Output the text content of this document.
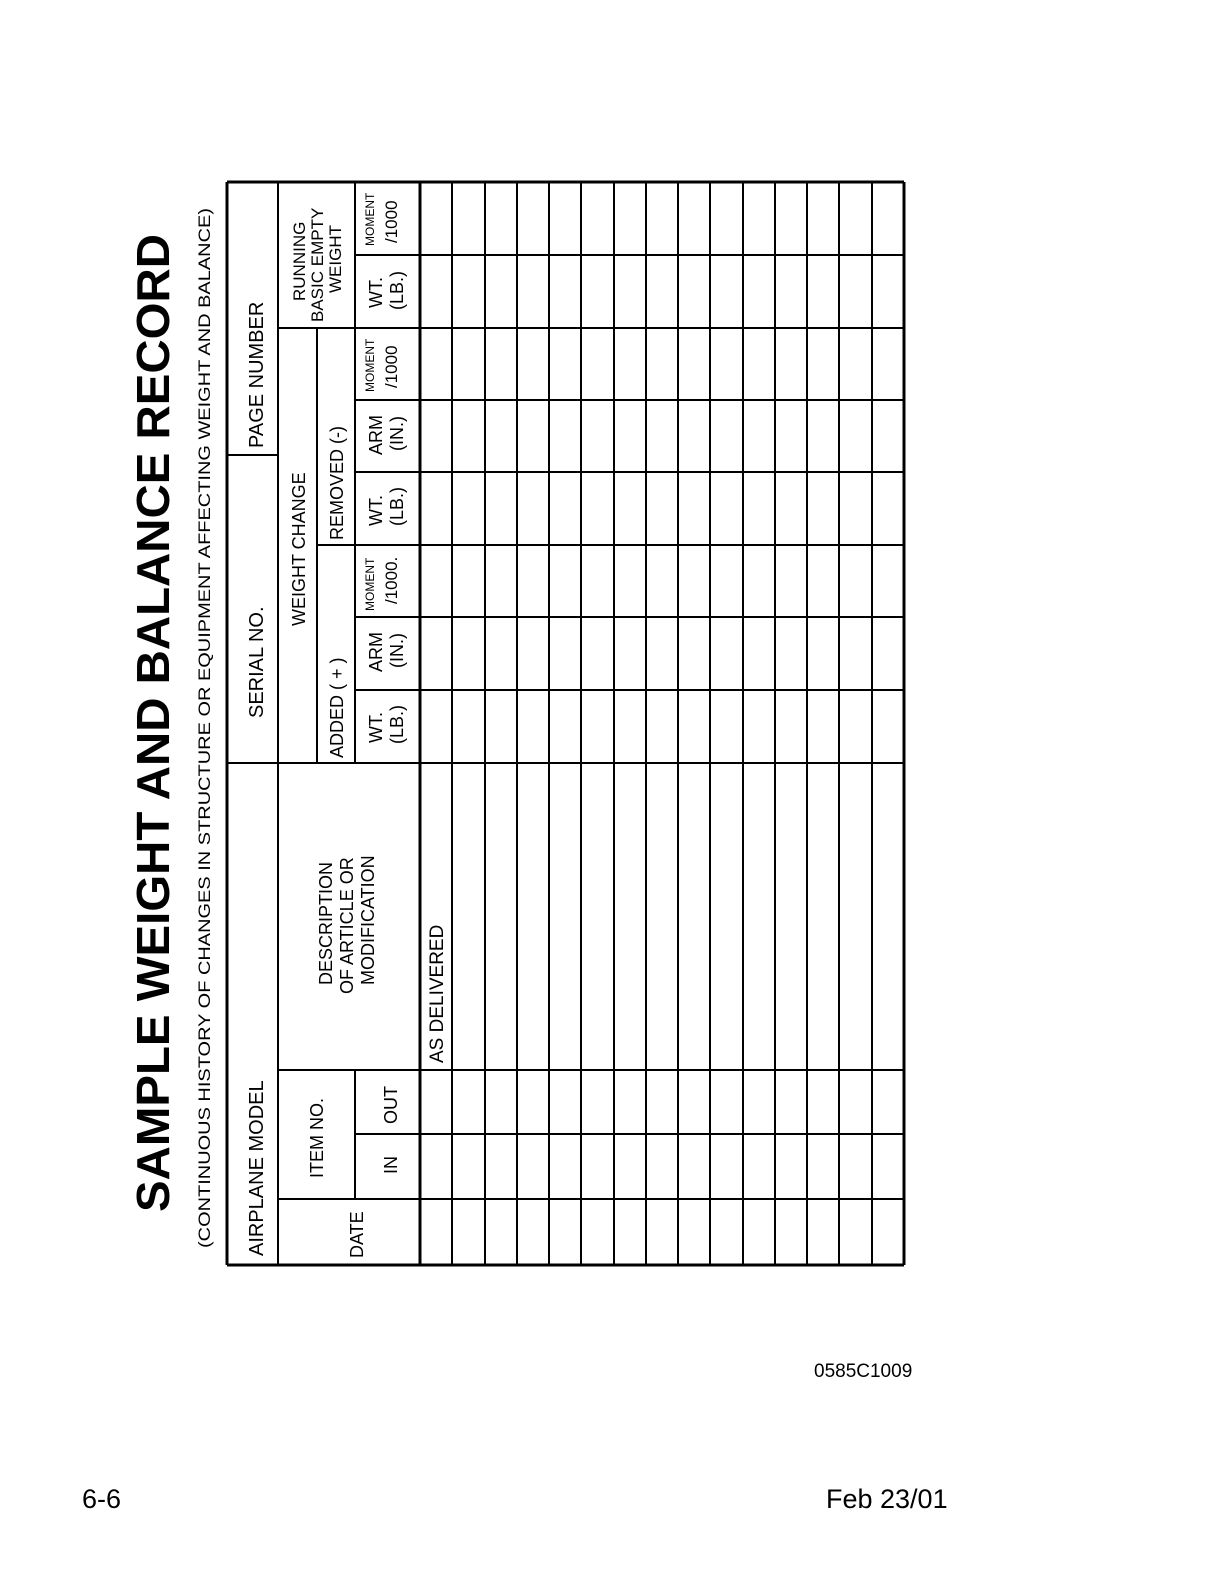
SAMPLE WEIGHT AND BALANCE RECORD (CONTINUOUS HISTORY OF CHANGES IN STRUCTURE OR EQUIPMENT AFFECTING WEIGHT AND BALANCE) AIRPLANE MODEL
SERIAL NO.
PAGE NUMBER
DATE
ITEM NO.	IN
OUT
DESCRIPTION OF ARTICLE OR MODIFICATION
WEIGHT CHANGE
ADDED ( + )
REMOVED (-)
RUNNING BASIC EMPTY WEIGHT
WT. (LB.)
ARM (IN.)
MOMENT /1000.
WT. (LB.)
ARM (IN.)
MOMENT /1000
WT. (LB.)
MOMENT /1000
AS DELIVERED
0585C1009
6-6	Feb 23/01
